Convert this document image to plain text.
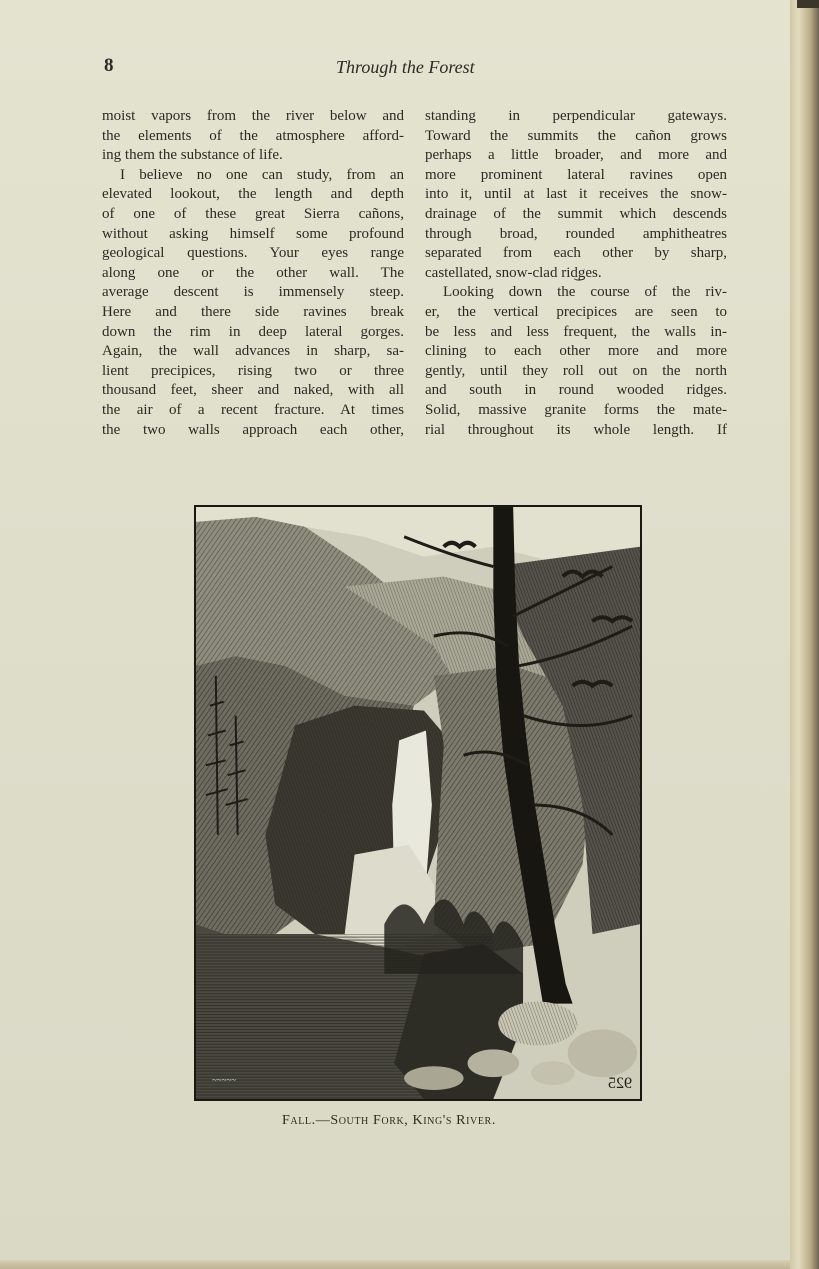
8	Through the Forest
moist vapors from the river below and
the elements of the atmosphere afford-
ing them the substance of life.
I believe no one can study, from an
elevated lookout, the length and depth
of one of these great Sierra cañons,
without asking himself some profound
geological questions. Your eyes range
along one or the other wall. The
average descent is immensely steep.
Here and there side ravines break
down the rim in deep lateral gorges.
Again, the wall advances in sharp, sa-
lient precipices, rising two or three
thousand feet, sheer and naked, with all
the air of a recent fracture. At times
the two walls approach each other,
standing in perpendicular gateways.
Toward the summits the cañon grows
perhaps a little broader, and more and
more prominent lateral ravines open
into it, until at last it receives the snow-
drainage of the summit which descends
through broad, rounded amphitheatres
separated from each other by sharp,
castellated, snow-clad rid͜ges.
Looking down the course of the riv-
er, the vertical precipices are seen to
be less and less frequent, the walls in-
clining to each other more and more
gently, until they roll out on the north
and south in round wooded ridges.
Solid, massive granite forms the mate-
rial throughout its whole length. If
~~~~~	925
Fall.—South Fork, King's River.
